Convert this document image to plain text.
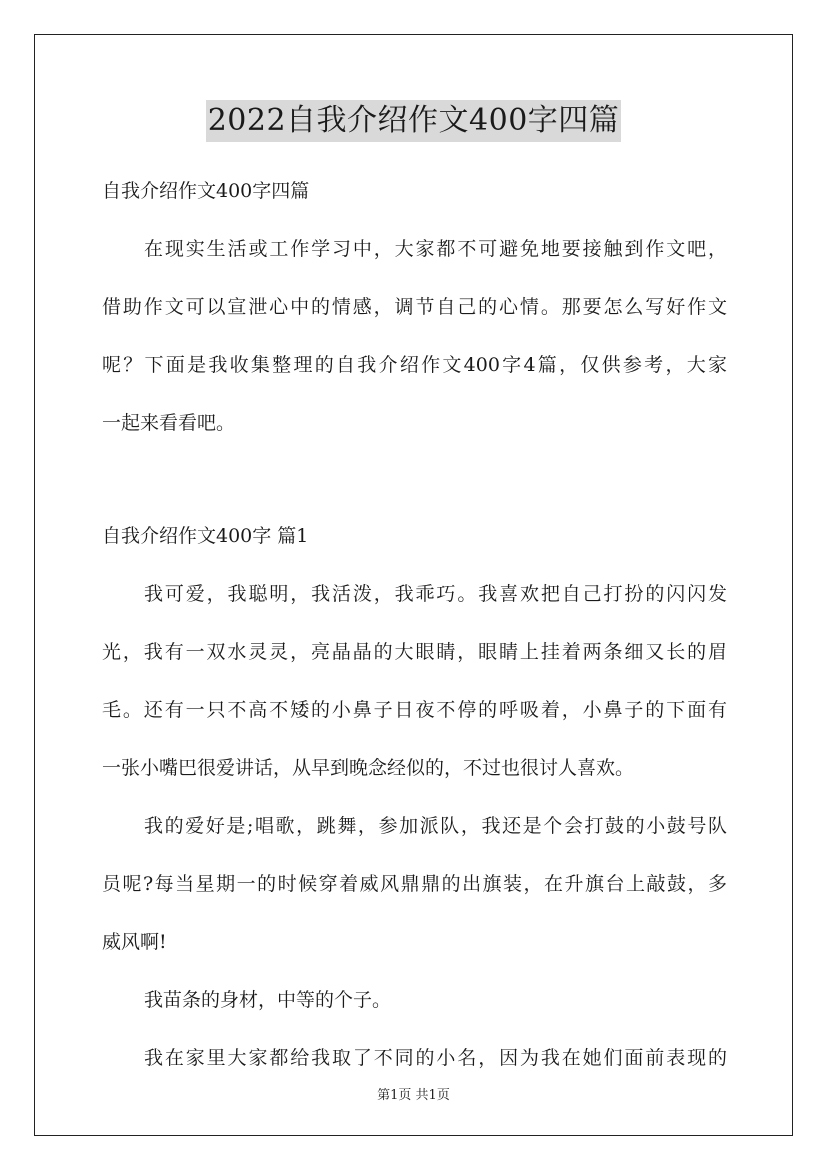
2022自我介绍作文400字四篇
自我介绍作文400字四篇
在现实生活或工作学习中，大家都不可避免地要接触到作文吧，
借助作文可以宣泄心中的情感，调节自己的心情。那要怎么写好作文
呢？下面是我收集整理的自我介绍作文400字4篇，仅供参考，大家
一起来看看吧。
自我介绍作文400字 篇1
我可爱，我聪明，我活泼，我乖巧。我喜欢把自己打扮的闪闪发
光，我有一双水灵灵，亮晶晶的大眼睛，眼睛上挂着两条细又长的眉
毛。还有一只不高不矮的小鼻子日夜不停的呼吸着，小鼻子的下面有
一张小嘴巴很爱讲话，从早到晚念经似的，不过也很讨人喜欢。
我的爱好是;唱歌，跳舞，参加派队，我还是个会打鼓的小鼓号队
员呢?每当星期一的时候穿着威风鼎鼎的出旗装，在升旗台上敲鼓，多
威风啊!
我苗条的身材，中等的个子。
我在家里大家都给我取了不同的小名，因为我在她们面前表现的
第1页 共1页
